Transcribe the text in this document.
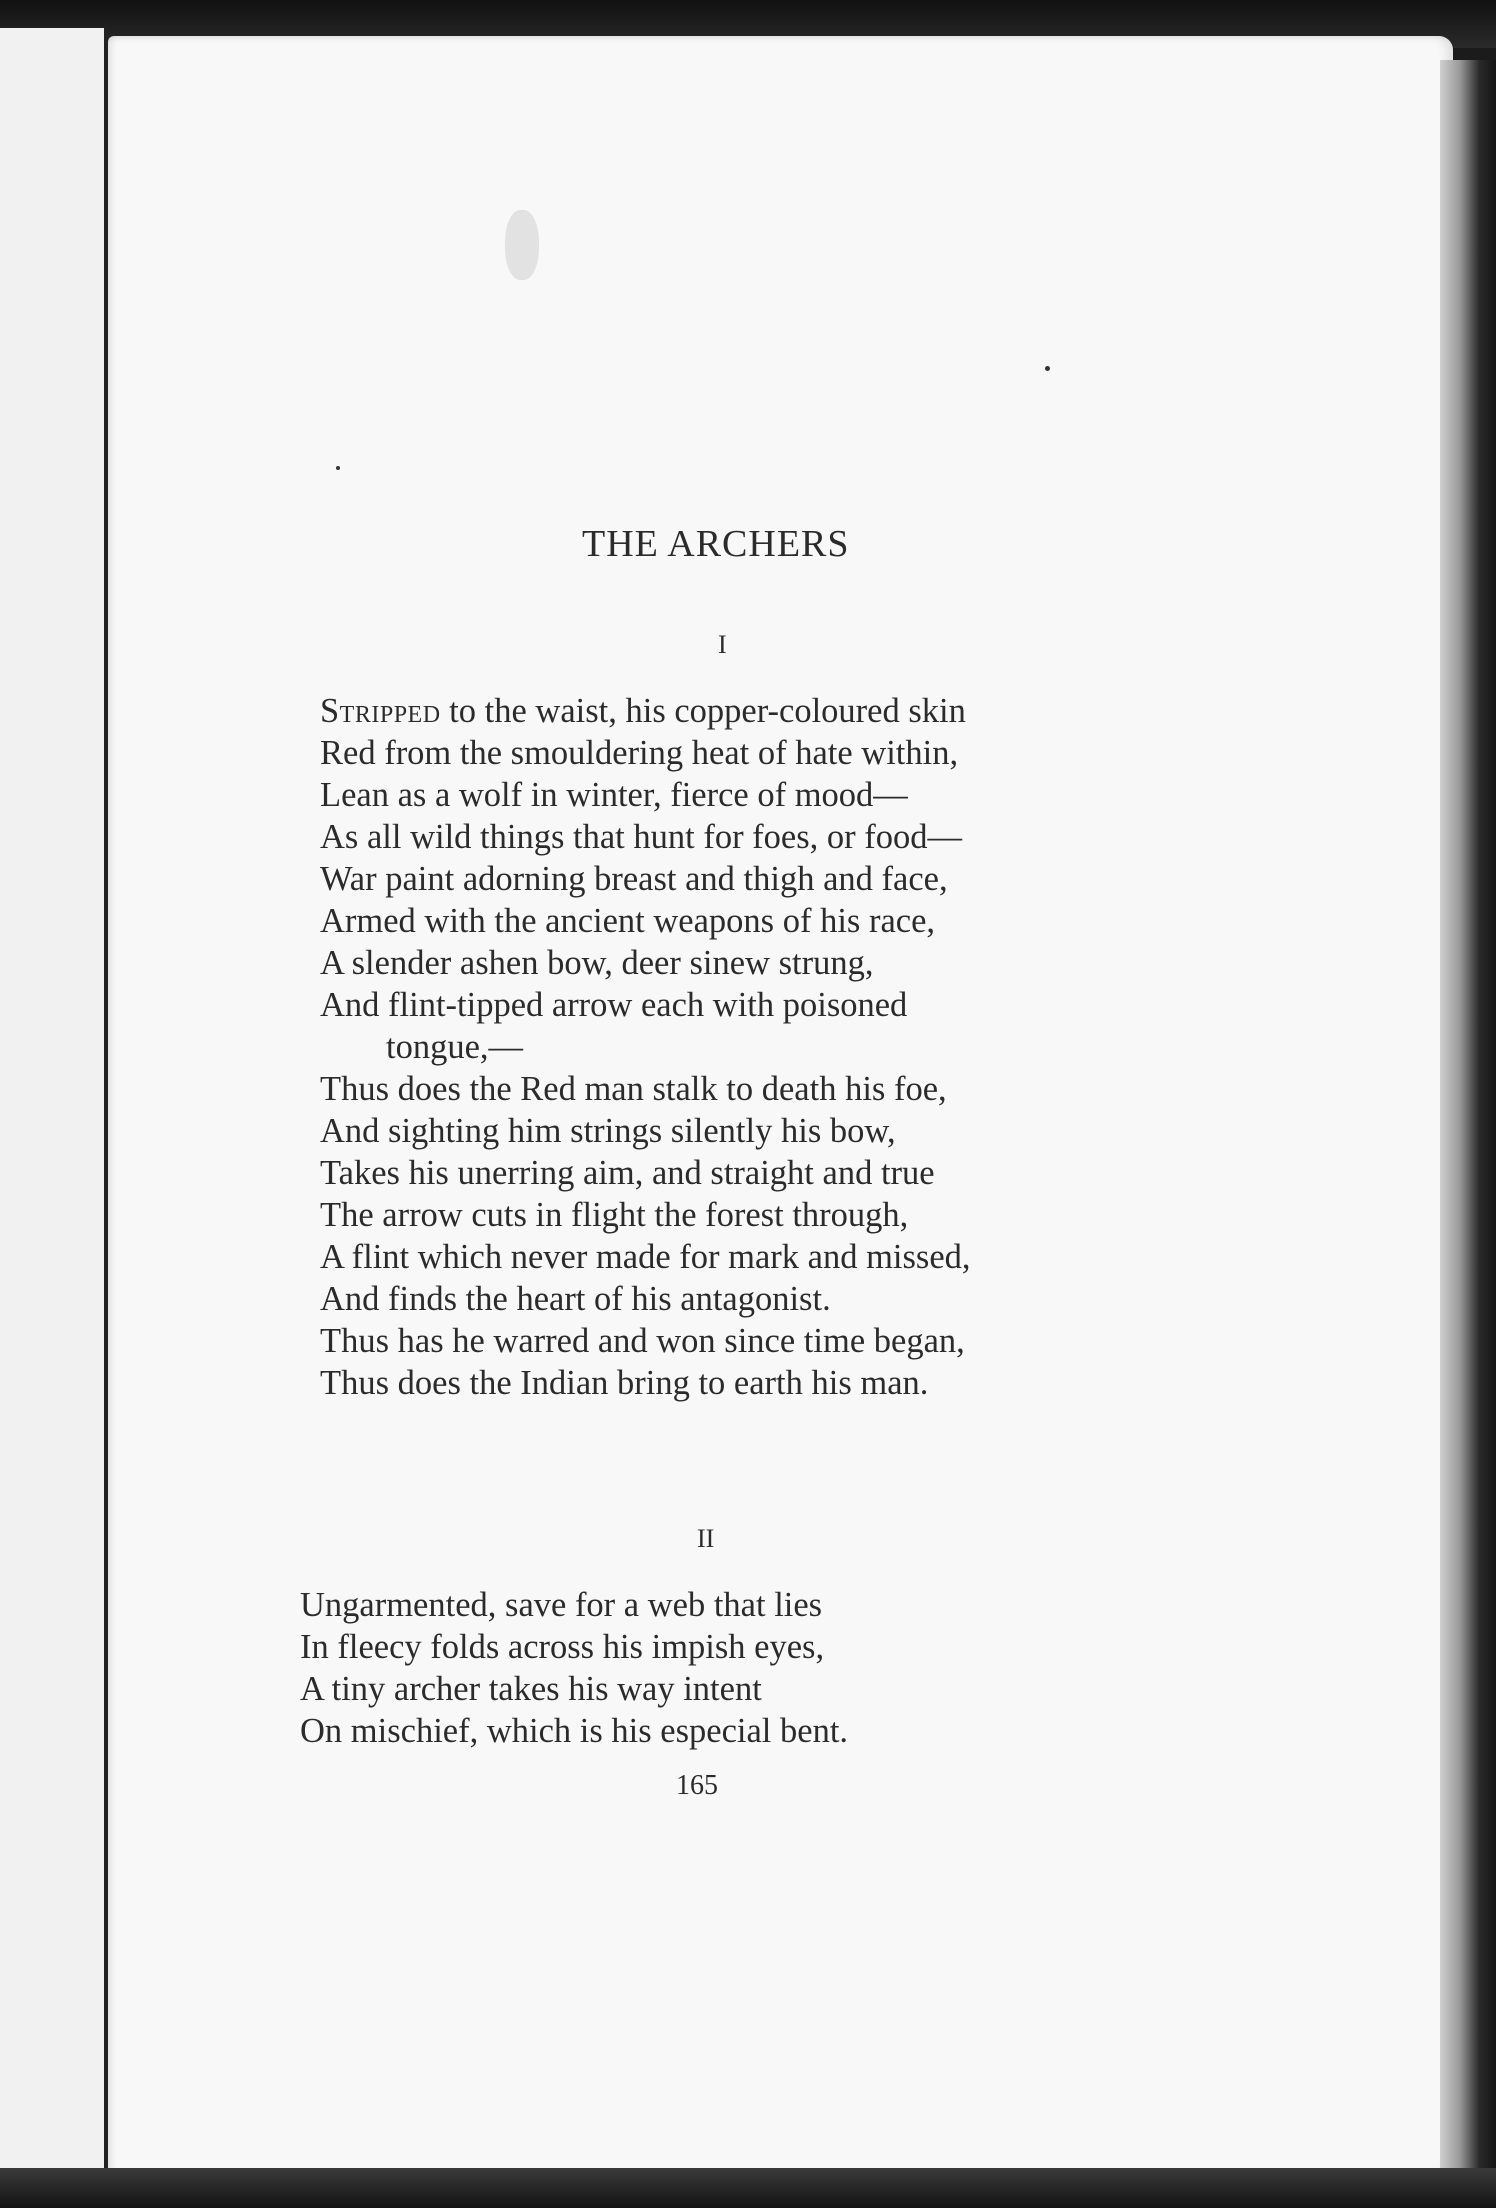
THE ARCHERS
I
Stripped to the waist, his copper-coloured skin
Red from the smouldering heat of hate within,
Lean as a wolf in winter, fierce of mood—
As all wild things that hunt for foes, or food—
War paint adorning breast and thigh and face,
Armed with the ancient weapons of his race,
A slender ashen bow, deer sinew strung,
And flint-tipped arrow each with poisoned
tongue,—
Thus does the Red man stalk to death his foe,
And sighting him strings silently his bow,
Takes his unerring aim, and straight and true
The arrow cuts in flight the forest through,
A flint which never made for mark and missed,
And finds the heart of his antagonist.
Thus has he warred and won since time began,
Thus does the Indian bring to earth his man.
II
Ungarmented, save for a web that lies
In fleecy folds across his impish eyes,
A tiny archer takes his way intent
On mischief, which is his especial bent.
165
